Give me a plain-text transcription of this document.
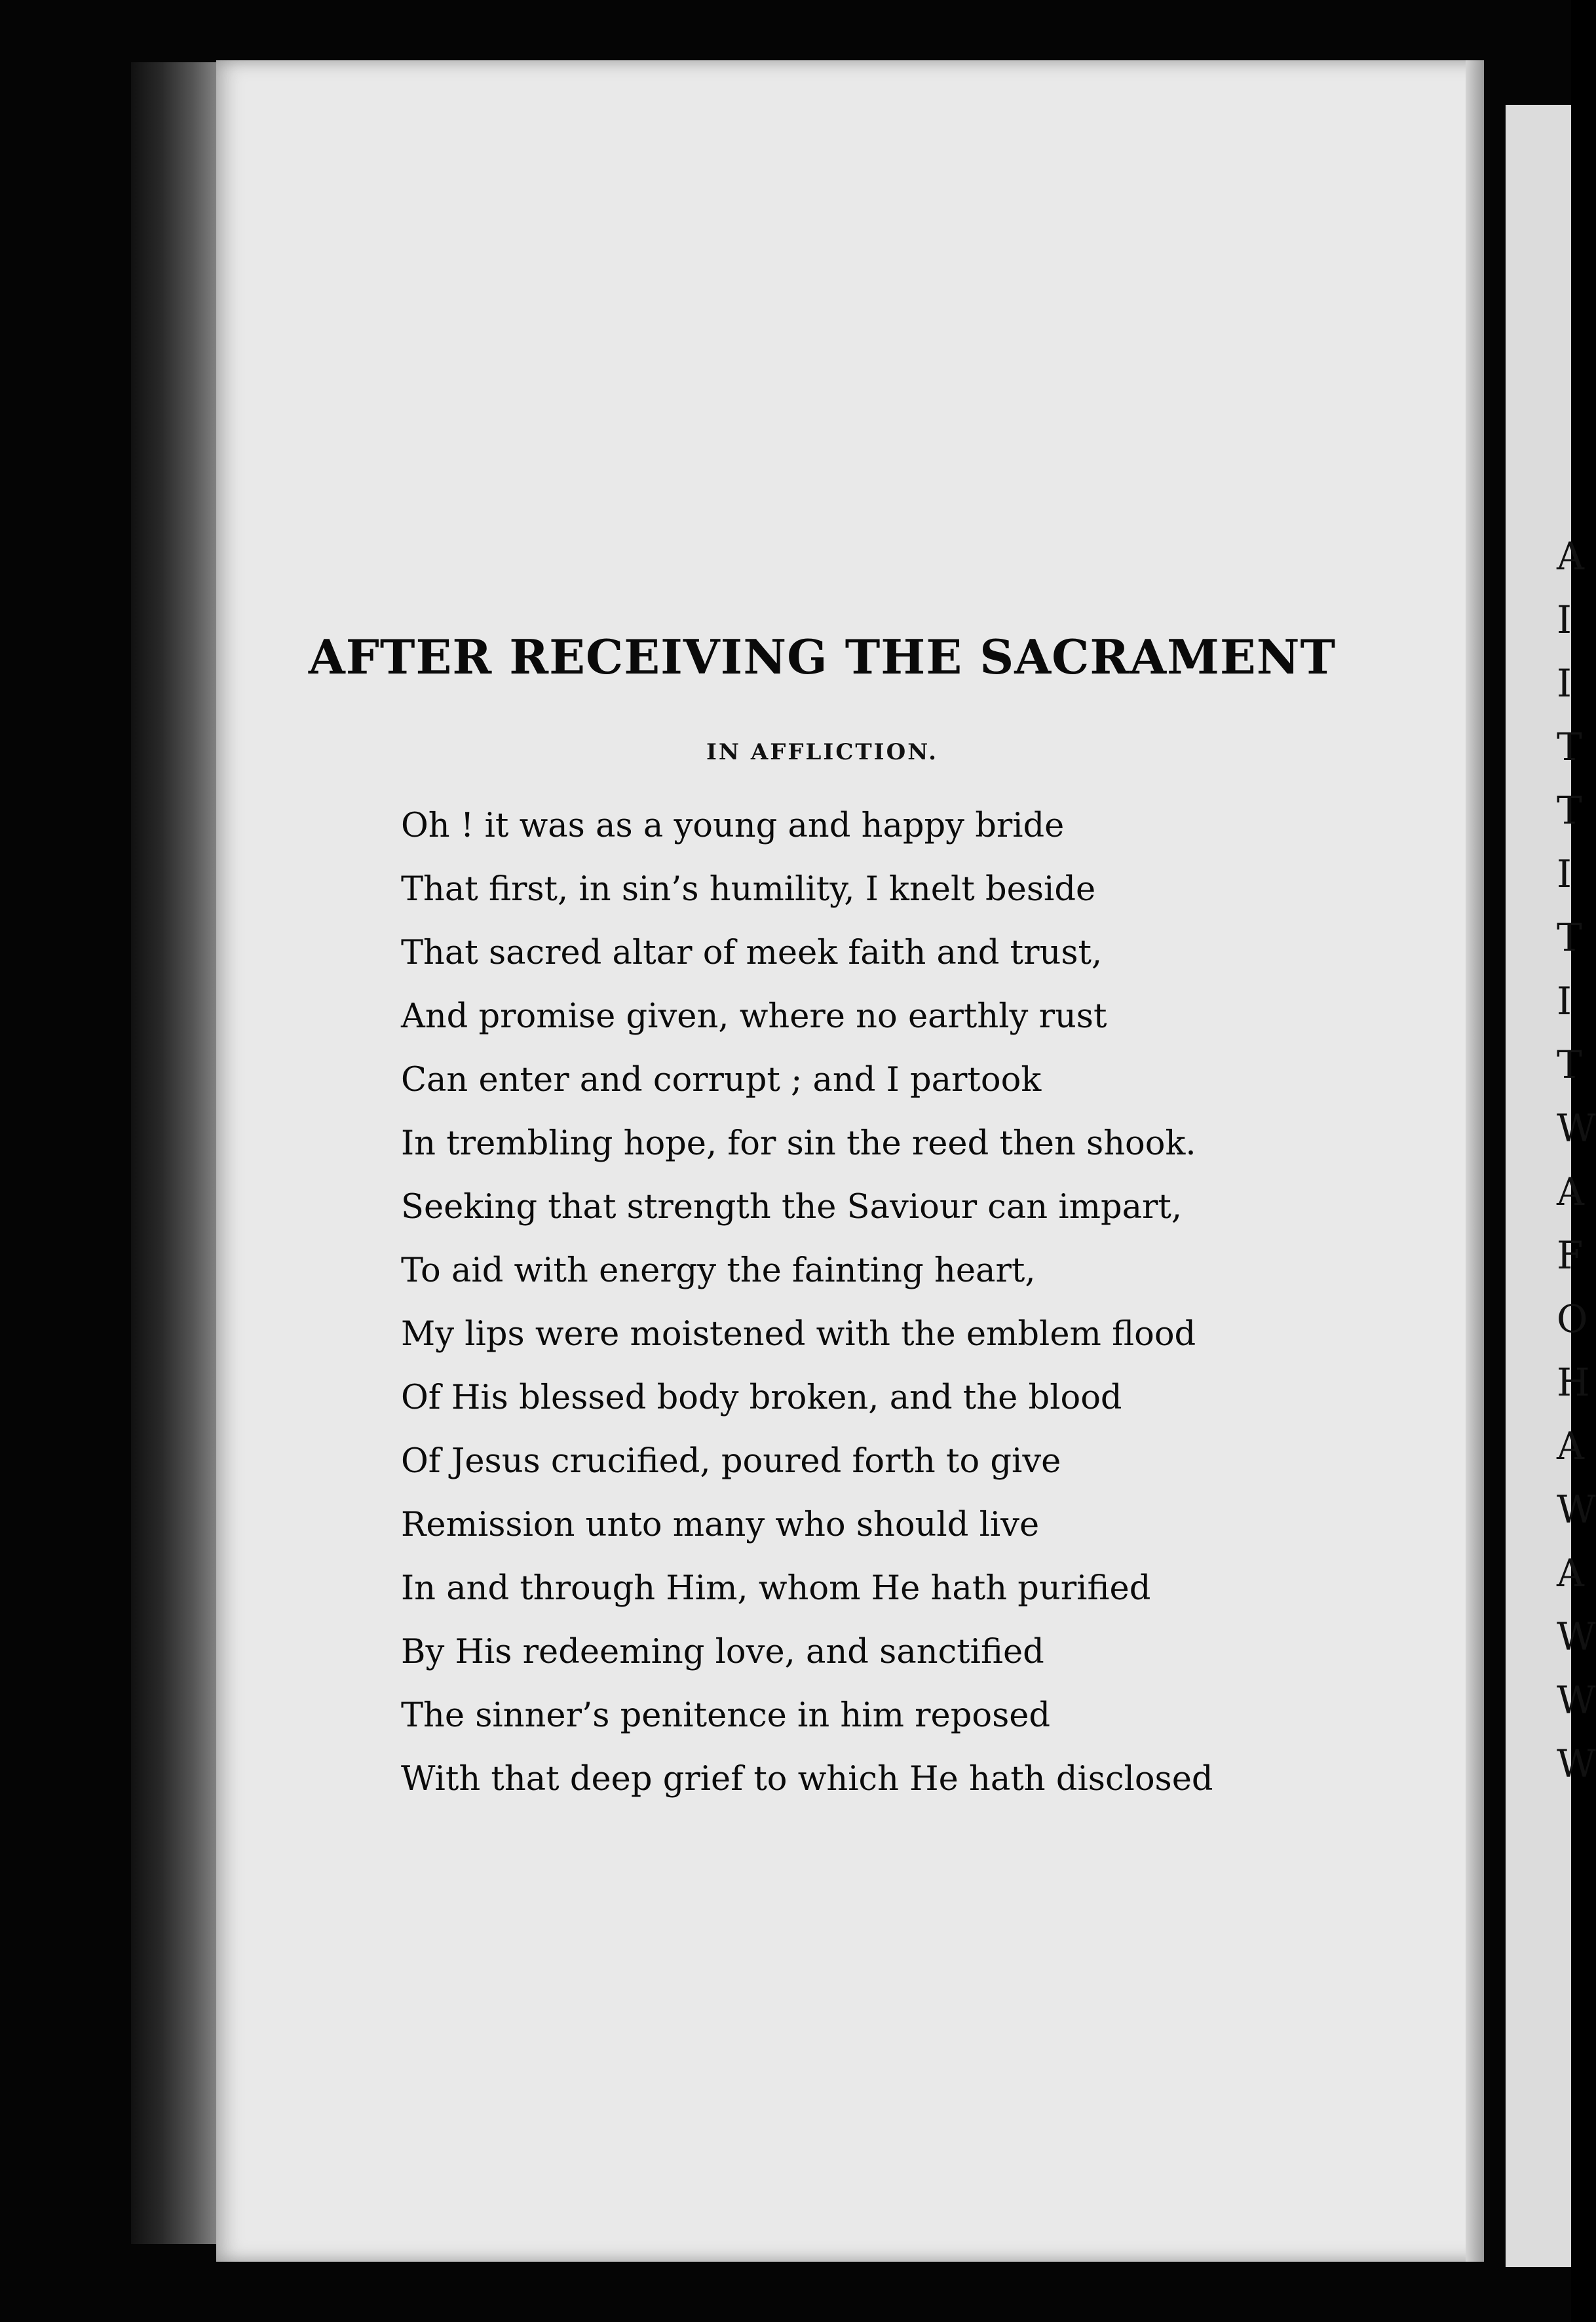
A
I
I
T
T
I
T
I
T
W
A
F
O
H
A
W
A
W
W
W
AFTER RECEIVING THE SACRAMENT
IN AFFLICTION.
Oh ! it was as a young and happy bride
That first, in sin’s humility, I knelt beside
That sacred altar of meek faith and trust,
And promise given, where no earthly rust
Can enter and corrupt ; and I partook
In trembling hope, for sin the reed then shook.
Seeking that strength the Saviour can impart,
To aid with energy the fainting heart,
My lips were moistened with the emblem flood
Of His blessed body broken, and the blood
Of Jesus crucified, poured forth to give
Remission unto many who should live
In and through Him, whom He hath purified
By His redeeming love, and sanctified
The sinner’s penitence in him reposed
With that deep grief to which He hath disclosed
